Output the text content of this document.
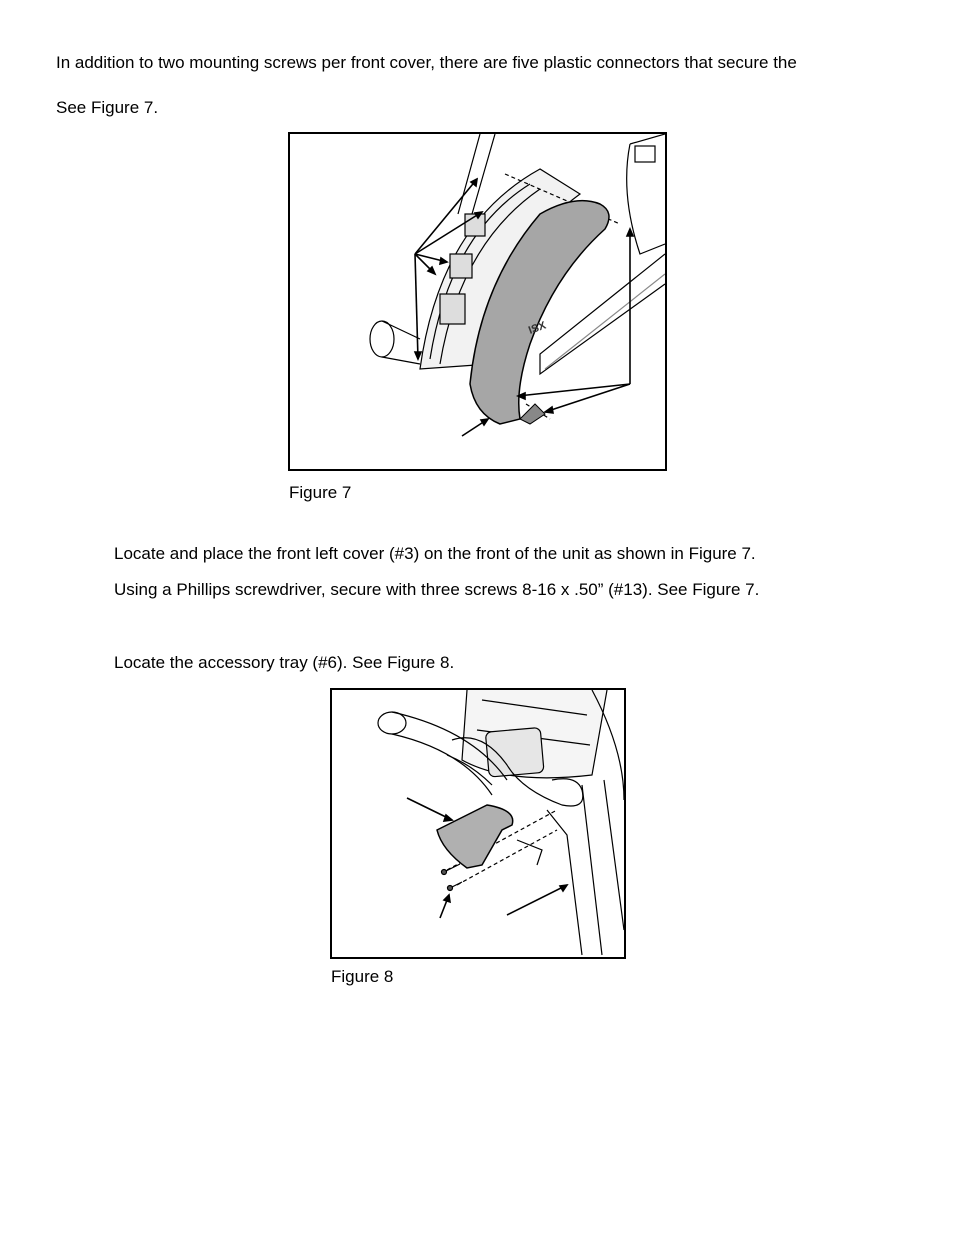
In addition to two mounting screws per front cover, there are five plastic connectors that secure the
See Figure 7.
ISX
Figure 7
Locate and place the front left cover (#3) on the front of the unit as shown in Figure 7.
Using a Phillips screwdriver, secure with three screws 8-16 x .50” (#13). See Figure 7.
Locate the accessory tray (#6). See Figure 8.
Figure 8
